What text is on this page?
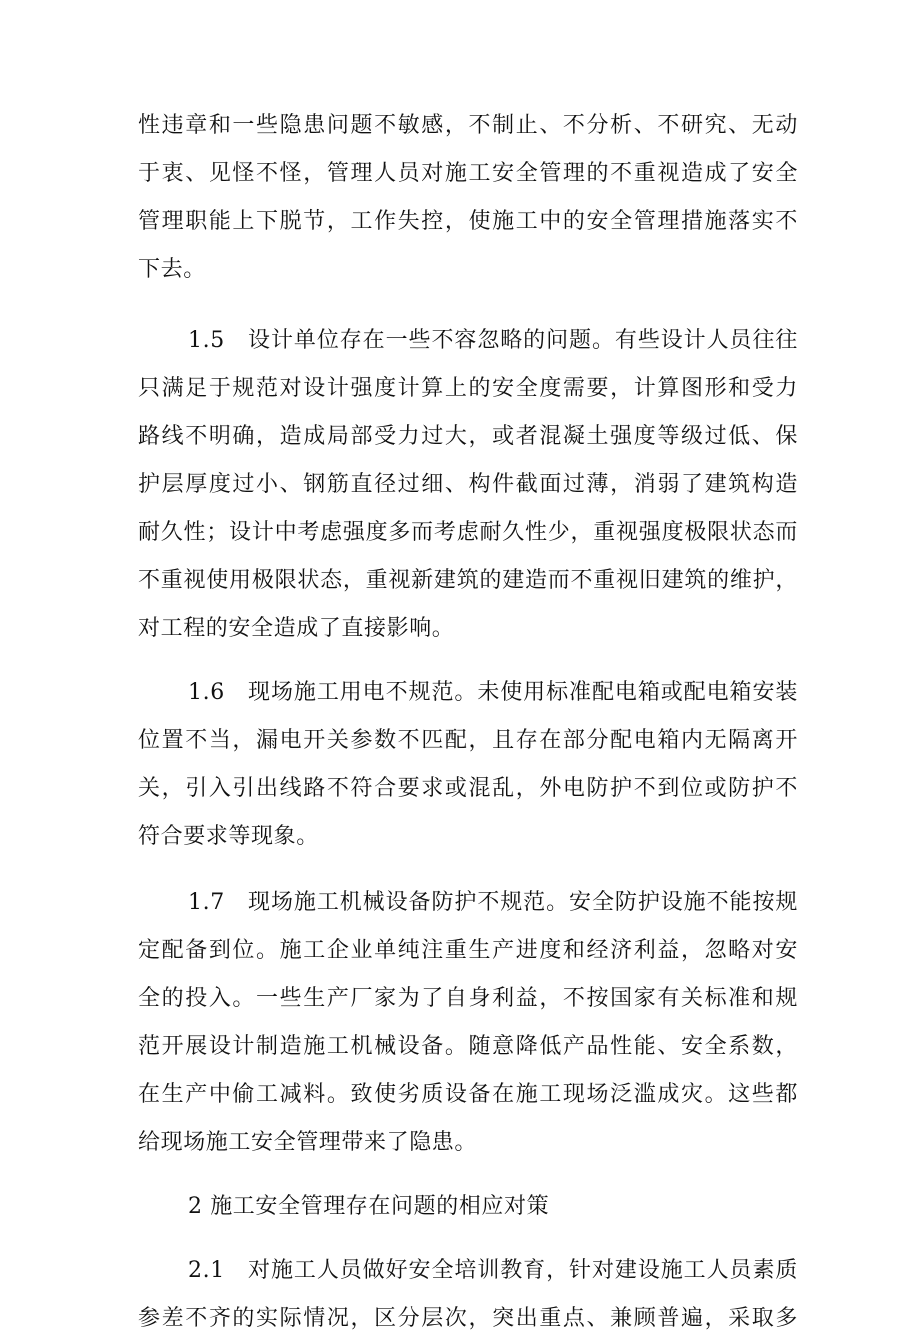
性违章和一些隐患问题不敏感，不制止、不分析、不研究、无动
于衷、见怪不怪，管理人员对施工安全管理的不重视造成了安全
管理职能上下脱节，工作失控，使施工中的安全管理措施落实不
下去。
1.5　设计单位存在一些不容忽略的问题。有些设计人员往往
只满足于规范对设计强度计算上的安全度需要，计算图形和受力
路线不明确，造成局部受力过大，或者混凝土强度等级过低、保
护层厚度过小、钢筋直径过细、构件截面过薄，消弱了建筑构造
耐久性；设计中考虑强度多而考虑耐久性少，重视强度极限状态而
不重视使用极限状态，重视新建筑的建造而不重视旧建筑的维护，
对工程的安全造成了直接影响。
1.6　现场施工用电不规范。未使用标准配电箱或配电箱安装
位置不当，漏电开关参数不匹配，且存在部分配电箱内无隔离开
关，引入引出线路不符合要求或混乱，外电防护不到位或防护不
符合要求等现象。
1.7　现场施工机械设备防护不规范。安全防护设施不能按规
定配备到位。施工企业单纯注重生产进度和经济利益，忽略对安
全的投入。一些生产厂家为了自身利益，不按国家有关标准和规
范开展设计制造施工机械设备。随意降低产品性能、安全系数，
在生产中偷工减料。致使劣质设备在施工现场泛滥成灾。这些都
给现场施工安全管理带来了隐患。
2 施工安全管理存在问题的相应对策
2.1　对施工人员做好安全培训教育，针对建设施工人员素质
参差不齐的实际情况，区分层次，突出重点、兼顾普遍，采取多
